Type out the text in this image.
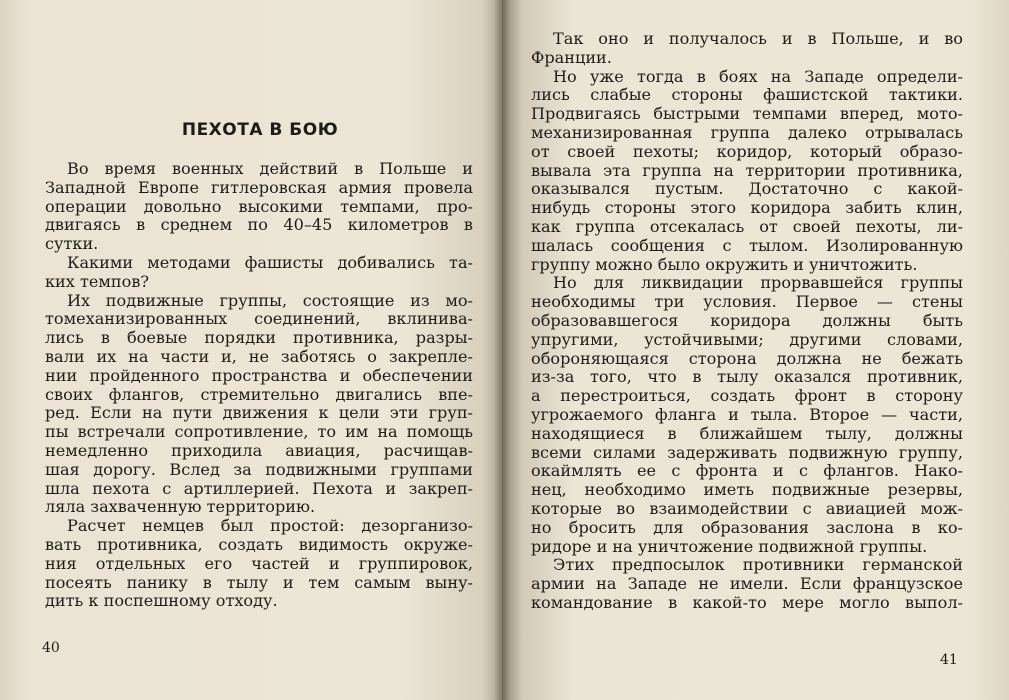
ПЕХОТА В БОЮ
Во время военных действий в Польше и
Западной Европе гитлеровская армия провела
операции довольно высокими темпами, про-
двигаясь в среднем по 40–45 километров в
сутки.
Какими методами фашисты добивались та-
ких темпов?
Их подвижные группы, состоящие из мо-
томеханизированных соединений, вклинива-
лись в боевые порядки противника, разры-
вали их на части и, не заботясь о закрепле-
нии пройденного пространства и обеспечении
своих флангов, стремительно двигались впе-
ред. Если на пути движения к цели эти груп-
пы встречали сопротивление, то им на помощь
немедленно приходила авиация, расчищав-
шая дорогу. Вслед за подвижными группами
шла пехота с артиллерией. Пехота и закреп-
ляла захваченную территорию.
Расчет немцев был простой: дезорганизо-
вать противника, создать видимость окруже-
ния отдельных его частей и группировок,
посеять панику в тылу и тем самым выну-
дить к поспешному отходу.
40
Так оно и получалось и в Польше, и во
Франции.
Но уже тогда в боях на Западе определи-
лись слабые стороны фашистской тактики.
Продвигаясь быстрыми темпами вперед, мото-
механизированная группа далеко отрывалась
от своей пехоты; коридор, который образо-
вывала эта группа на территории противника,
оказывался пустым. Достаточно с какой-
нибудь стороны этого коридора забить клин,
как группа отсекалась от своей пехоты, ли-
шалась сообщения с тылом. Изолированную
группу можно было окружить и уничтожить.
Но для ликвидации прорвавшейся группы
необходимы три условия. Первое — стены
образовавшегося коридора должны быть
упругими, устойчивыми; другими словами,
обороняющаяся сторона должна не бежать
из-за того, что в тылу оказался противник,
а перестроиться, создать фронт в сторону
угрожаемого фланга и тыла. Второе — части,
находящиеся в ближайшем тылу, должны
всеми силами задерживать подвижную группу,
окаймлять ее с фронта и с флангов. Нако-
нец, необходимо иметь подвижные резервы,
которые во взаимодействии с авиацией мож-
но бросить для образования заслона в ко-
ридоре и на уничтожение подвижной группы.
Этих предпосылок противники германской
армии на Западе не имели. Если французское
командование в какой-то мере могло выпол-
41
